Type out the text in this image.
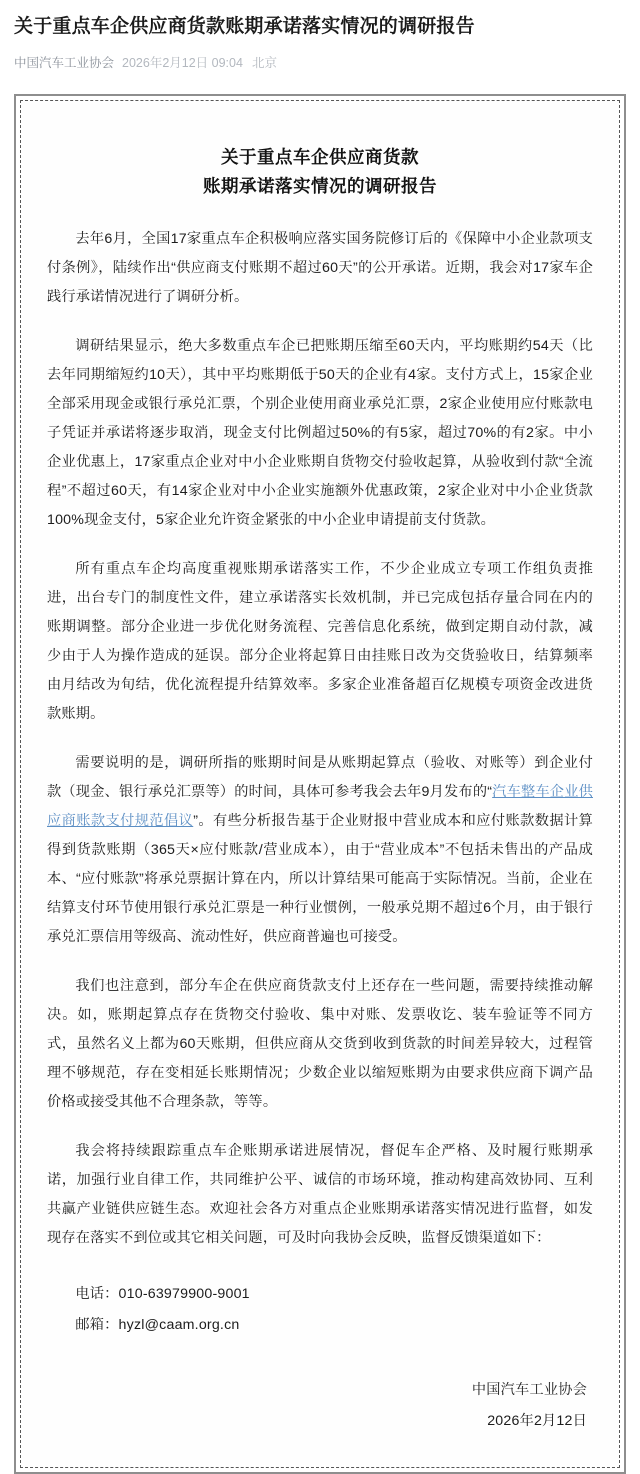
关于重点车企供应商货款账期承诺落实情况的调研报告
中国汽车工业协会 2026年2月12日 09:04 北京
关于重点车企供应商货款
账期承诺落实情况的调研报告

去年6月，全国17家重点车企积极响应落实国务院修订后的《保障中小企业款项支付条例》，陆续作出“供应商支付账期不超过60天”的公开承诺。近期，我会对17家车企践行承诺情况进行了调研分析。

调研结果显示，绝大多数重点车企已把账期压缩至60天内，平均账期约54天（比去年同期缩短约10天），其中平均账期低于50天的企业有4家。支付方式上，15家企业全部采用现金或银行承兑汇票，个别企业使用商业承兑汇票，2家企业使用应付账款电子凭证并承诺将逐步取消，现金支付比例超过50%的有5家，超过70%的有2家。中小企业优惠上，17家重点企业对中小企业账期自货物交付验收起算，从验收到付款“全流程”不超过60天，有14家企业对中小企业实施额外优惠政策，2家企业对中小企业货款100%现金支付，5家企业允许资金紧张的中小企业申请提前支付货款。

所有重点车企均高度重视账期承诺落实工作，不少企业成立专项工作组负责推进，出台专门的制度性文件，建立承诺落实长效机制，并已完成包括存量合同在内的账期调整。部分企业进一步优化财务流程、完善信息化系统，做到定期自动付款，减少由于人为操作造成的延误。部分企业将起算日由挂账日改为交货验收日，结算频率由月结改为旬结，优化流程提升结算效率。多家企业准备超百亿规模专项资金改进货款账期。

需要说明的是，调研所指的账期时间是从账期起算点（验收、对账等）到企业付款（现金、银行承兑汇票等）的时间，具体可参考我会去年9月发布的“汽车整车企业供应商账款支付规范倡议”。有些分析报告基于企业财报中营业成本和应付账款数据计算得到货款账期（365天×应付账款/营业成本），由于“营业成本”不包括未售出的产品成本、“应付账款”将承兑票据计算在内，所以计算结果可能高于实际情况。当前，企业在结算支付环节使用银行承兑汇票是一种行业惯例，一般承兑期不超过6个月，由于银行承兑汇票信用等级高、流动性好，供应商普遍也可接受。

我们也注意到，部分车企在供应商货款支付上还存在一些问题，需要持续推动解决。如，账期起算点存在货物交付验收、集中对账、发票收讫、装车验证等不同方式，虽然名义上都为60天账期，但供应商从交货到收到货款的时间差异较大，过程管理不够规范，存在变相延长账期情况；少数企业以缩短账期为由要求供应商下调产品价格或接受其他不合理条款，等等。

我会将持续跟踪重点车企账期承诺进展情况，督促车企严格、及时履行账期承诺，加强行业自律工作，共同维护公平、诚信的市场环境，推动构建高效协同、互利共赢产业链供应链生态。欢迎社会各方对重点企业账期承诺落实情况进行监督，如发现存在落实不到位或其它相关问题，可及时向我协会反映，监督反馈渠道如下：

电话：010-63979900-9001
邮箱：hyzl@caam.org.cn
中国汽车工业协会
2026年2月12日
